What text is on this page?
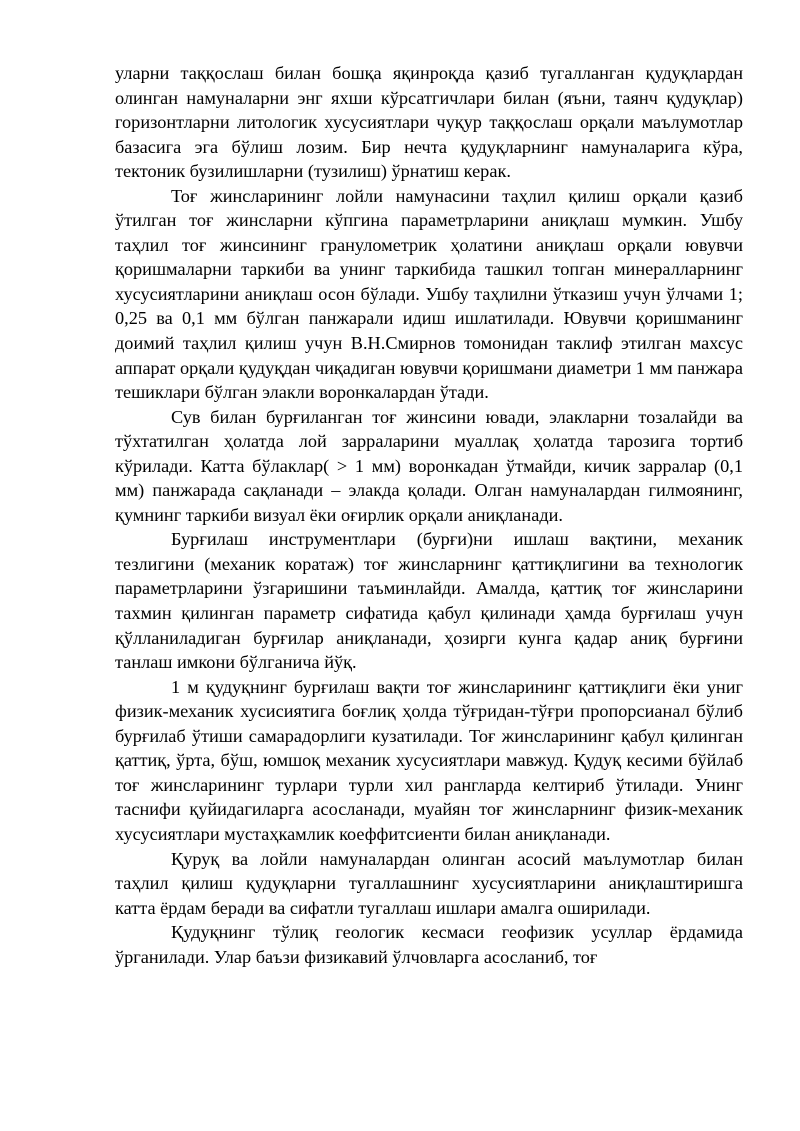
уларни таққослаш билан бошқа яқинроқда қазиб тугалланган қудуқлардан олинган намуналарни энг яхши кўрсатгичлари билан (яъни, таянч қудуқлар) горизонтларни литологик хусусиятлари чуқур таққослаш орқали маълумотлар базасига эга бўлиш лозим. Бир нечта қудуқларнинг намуналарига кўра, тектоник бузилишларни (тузилиш) ўрнатиш керак.

Тоғ жинсларининг лойли намунасини таҳлил қилиш орқали қазиб ўтилган тоғ жинсларни кўпгина параметрларини аниқлаш мумкин. Ушбу таҳлил тоғ жинсининг гранулометрик ҳолатини аниқлаш орқали ювувчи қоришмаларни таркиби ва унинг таркибида ташкил топган минералларнинг хусусиятларини аниқлаш осон бўлади. Ушбу таҳлилни ўтказиш учун ўлчами 1; 0,25 ва 0,1 мм бўлган панжарали идиш ишлатилади. Ювувчи қоришманинг доимий таҳлил қилиш учун В.Н.Смирнов томонидан таклиф этилган махсус аппарат орқали қудуқдан чиқадиган ювувчи қоришмани диаметри 1 мм панжара тешиклари бўлган элакли воронкалардан ўтади.

Сув билан бурғиланган тоғ жинсини ювади, элакларни тозалайди ва тўхтатилган ҳолатда лой зарраларини муаллақ ҳолатда тарозига тортиб кўрилади. Катта бўлаклар( > 1 мм) воронкадан ўтмайди, кичик зарралар (0,1 мм) панжарада сақланади – элакда қолади. Олган намуналардан гилмоянинг, қумнинг таркиби визуал ёки оғирлик орқали аниқланади.

Бурғилаш инструментлари (бурғи)ни ишлаш вақтини, механик тезлигини (механик коратаж) тоғ жинсларнинг қаттиқлигини ва технологик параметрларини ўзгаришини таъминлайди. Амалда, қаттиқ тоғ жинсларини тахмин қилинган параметр сифатида қабул қилинади ҳамда бурғилаш учун қўлланиладиган бурғилар аниқланади, ҳозирги кунга қадар аниқ бурғини танлаш имкони бўлганича йўқ.

1 м қудуқнинг бурғилаш вақти тоғ жинсларининг қаттиқлиги ёки униг физик-механик хусисиятига боғлиқ ҳолда тўғридан-тўғри пропорсианал бўлиб бурғилаб ўтиши самарадорлиги кузатилади. Тоғ жинсларининг қабул қилинган қаттиқ, ўрта, бўш, юмшоқ механик хусусиятлари мавжуд. Қудуқ кесими бўйлаб тоғ жинсларининг турлари турли хил рангларда келтириб ўтилади. Унинг таснифи қуйидагиларга асосланади, муайян тоғ жинсларнинг физик-механик хусусиятлари мустаҳкамлик коеффитсиенти билан аниқланади.

Қуруқ ва лойли намуналардан олинган асосий маълумотлар билан таҳлил қилиш қудуқларни тугаллашнинг хусусиятларини аниқлаштиришга катта ёрдам беради ва сифатли тугаллаш ишлари амалга оширилади.

Қудуқнинг тўлиқ геологик кесмаси геофизик усуллар ёрдамида ўрганилади. Улар баъзи физикавий ўлчовларга асосланиб, тоғ
